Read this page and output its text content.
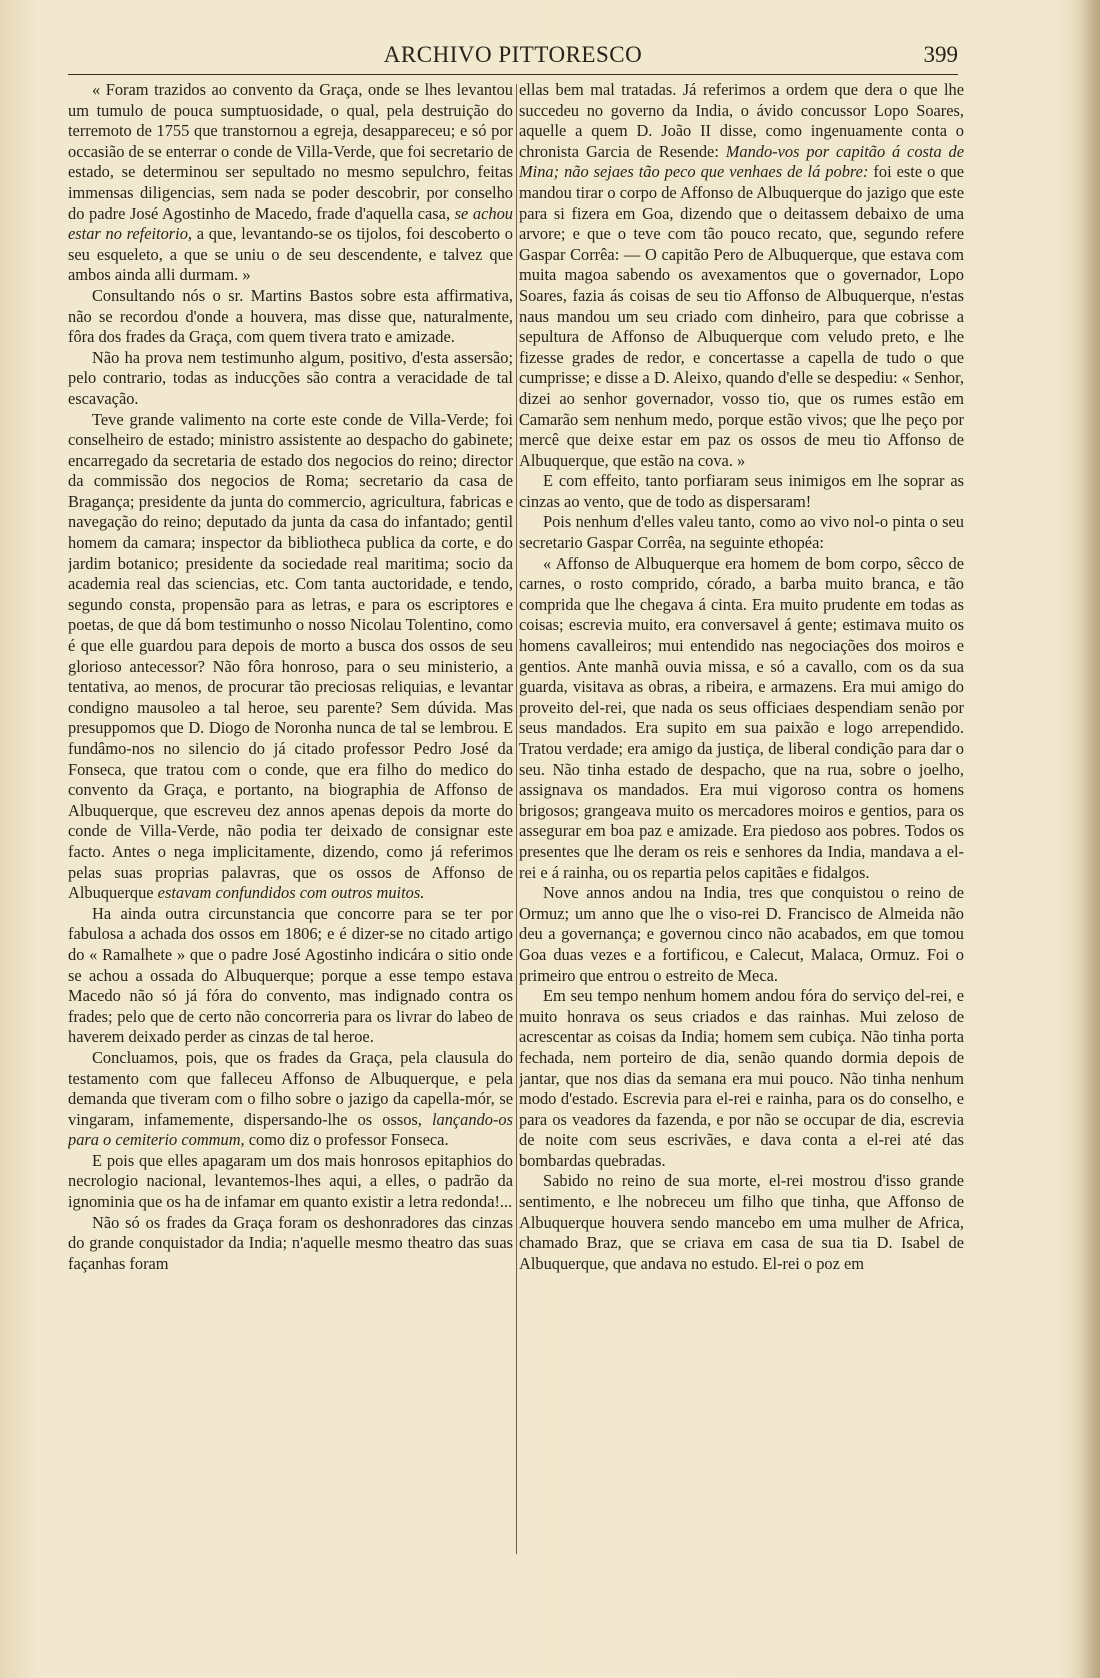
ARCHIVO PITTORESCO	399

« Foram trazidos ao convento da Graça, onde se lhes levantou um tumulo de pouca sumptuosidade, o qual, pela destruição do terremoto de 1755 que transtornou a egreja, desappareceu; e só por occasião de se enterrar o conde de Villa-Verde, que foi secretario de estado, se determinou ser sepultado no mesmo sepulchro, feitas immensas diligencias, sem nada se poder descobrir, por conselho do padre José Agostinho de Macedo, frade d'aquella casa, se achou estar no refeitorio, a que, levantando-se os tijolos, foi descoberto o seu esqueleto, a que se uniu o de seu descendente, e talvez que ambos ainda alli durmam. »

Consultando nós o sr. Martins Bastos sobre esta affirmativa, não se recordou d'onde a houvera, mas disse que, naturalmente, fôra dos frades da Graça, com quem tivera trato e amizade.

Não ha prova nem testimunho algum, positivo, d'esta assersão; pelo contrario, todas as inducções são contra a veracidade de tal escavação.

Teve grande valimento na corte este conde de Villa-Verde; foi conselheiro de estado; ministro assistente ao despacho do gabinete; encarregado da secretaria de estado dos negocios do reino; director da commissão dos negocios de Roma; secretario da casa de Bragança; presidente da junta do commercio, agricultura, fabricas e navegação do reino; deputado da junta da casa do infantado; gentil homem da camara; inspector da bibliotheca publica da corte, e do jardim botanico; presidente da sociedade real maritima; socio da academia real das sciencias, etc. Com tanta auctoridade, e tendo, segundo consta, propensão para as letras, e para os escriptores e poetas, de que dá bom testimunho o nosso Nicolau Tolentino, como é que elle guardou para depois de morto a busca dos ossos de seu glorioso antecessor? Não fôra honroso, para o seu ministerio, a tentativa, ao menos, de procurar tão preciosas reliquias, e levantar condigno mausoleo a tal heroe, seu parente? Sem dúvida. Mas presuppomos que D. Diogo de Noronha nunca de tal se lembrou. E fundâmo-nos no silencio do já citado professor Pedro José da Fonseca, que tratou com o conde, que era filho do medico do convento da Graça, e portanto, na biographia de Affonso de Albuquerque, que escreveu dez annos apenas depois da morte do conde de Villa-Verde, não podia ter deixado de consignar este facto. Antes o nega implicitamente, dizendo, como já referimos pelas suas proprias palavras, que os ossos de Affonso de Albuquerque estavam confundidos com outros muitos.

Ha ainda outra circunstancia que concorre para se ter por fabulosa a achada dos ossos em 1806; e é dizer-se no citado artigo do « Ramalhete » que o padre José Agostinho indicára o sitio onde se achou a ossada do Albuquerque; porque a esse tempo estava Macedo não só já fóra do convento, mas indignado contra os frades; pelo que de certo não concorreria para os livrar do labeo de haverem deixado perder as cinzas de tal heroe.

Concluamos, pois, que os frades da Graça, pela clausula do testamento com que falleceu Affonso de Albuquerque, e pela demanda que tiveram com o filho sobre o jazigo da capella-mór, se vingaram, infamemente, dispersando-lhe os ossos, lançando-os para o cemiterio commum, como diz o professor Fonseca.

E pois que elles apagaram um dos mais honrosos epitaphios do necrologio nacional, levantemos-lhes aqui, a elles, o padrão da ignominia que os ha de infamar em quanto existir a letra redonda!...

Não só os frades da Graça foram os deshonradores das cinzas do grande conquistador da India; n'aquelle mesmo theatro das suas façanhas foram

ellas bem mal tratadas. Já referimos a ordem que dera o que lhe succedeu no governo da India, o ávido concussor Lopo Soares, aquelle a quem D. João II disse, como ingenuamente conta o chronista Garcia de Resende: Mando-vos por capitão á costa de Mina; não sejaes tão peco que venhaes de lá pobre: foi este o que mandou tirar o corpo de Affonso de Albuquerque do jazigo que este para si fizera em Goa, dizendo que o deitassem debaixo de uma arvore; e que o teve com tão pouco recato, que, segundo refere Gaspar Corrêa: — O capitão Pero de Albuquerque, que estava com muita magoa sabendo os avexamentos que o governador, Lopo Soares, fazia ás coisas de seu tio Affonso de Albuquerque, n'estas naus mandou um seu criado com dinheiro, para que cobrisse a sepultura de Affonso de Albuquerque com veludo preto, e lhe fizesse grades de redor, e concertasse a capella de tudo o que cumprisse; e disse a D. Aleixo, quando d'elle se despediu: « Senhor, dizei ao senhor governador, vosso tio, que os rumes estão em Camarão sem nenhum medo, porque estão vivos; que lhe peço por mercê que deixe estar em paz os ossos de meu tio Affonso de Albuquerque, que estão na cova. »

E com effeito, tanto porfiaram seus inimigos em lhe soprar as cinzas ao vento, que de todo as dispersaram!

Pois nenhum d'elles valeu tanto, como ao vivo nol-o pinta o seu secretario Gaspar Corrêa, na seguinte ethopéa:

« Affonso de Albuquerque era homem de bom corpo, sêcco de carnes, o rosto comprido, córado, a barba muito branca, e tão comprida que lhe chegava á cinta. Era muito prudente em todas as coisas; escrevia muito, era conversavel á gente; estimava muito os homens cavalleiros; mui entendido nas negociações dos moiros e gentios. Ante manhã ouvia missa, e só a cavallo, com os da sua guarda, visitava as obras, a ribeira, e armazens. Era mui amigo do proveito del-rei, que nada os seus officiaes despendiam senão por seus mandados. Era supito em sua paixão e logo arrependido. Tratou verdade; era amigo da justiça, de liberal condição para dar o seu. Não tinha estado de despacho, que na rua, sobre o joelho, assignava os mandados. Era mui vigoroso contra os homens brigosos; grangeava muito os mercadores moiros e gentios, para os assegurar em boa paz e amizade. Era piedoso aos pobres. Todos os presentes que lhe deram os reis e senhores da India, mandava a el-rei e á rainha, ou os repartia pelos capitães e fidalgos.

Nove annos andou na India, tres que conquistou o reino de Ormuz; um anno que lhe o viso-rei D. Francisco de Almeida não deu a governança; e governou cinco não acabados, em que tomou Goa duas vezes e a fortificou, e Calecut, Malaca, Ormuz. Foi o primeiro que entrou o estreito de Meca.

Em seu tempo nenhum homem andou fóra do serviço del-rei, e muito honrava os seus criados e das rainhas. Mui zeloso de acrescentar as coisas da India; homem sem cubiça. Não tinha porta fechada, nem porteiro de dia, senão quando dormia depois de jantar, que nos dias da semana era mui pouco. Não tinha nenhum modo d'estado. Escrevia para el-rei e rainha, para os do conselho, e para os veadores da fazenda, e por não se occupar de dia, escrevia de noite com seus escrivães, e dava conta a el-rei até das bombardas quebradas.

Sabido no reino de sua morte, el-rei mostrou d'isso grande sentimento, e lhe nobreceu um filho que tinha, que Affonso de Albuquerque houvera sendo mancebo em uma mulher de Africa, chamado Braz, que se criava em casa de sua tia D. Isabel de Albuquerque, que andava no estudo. El-rei o poz em
